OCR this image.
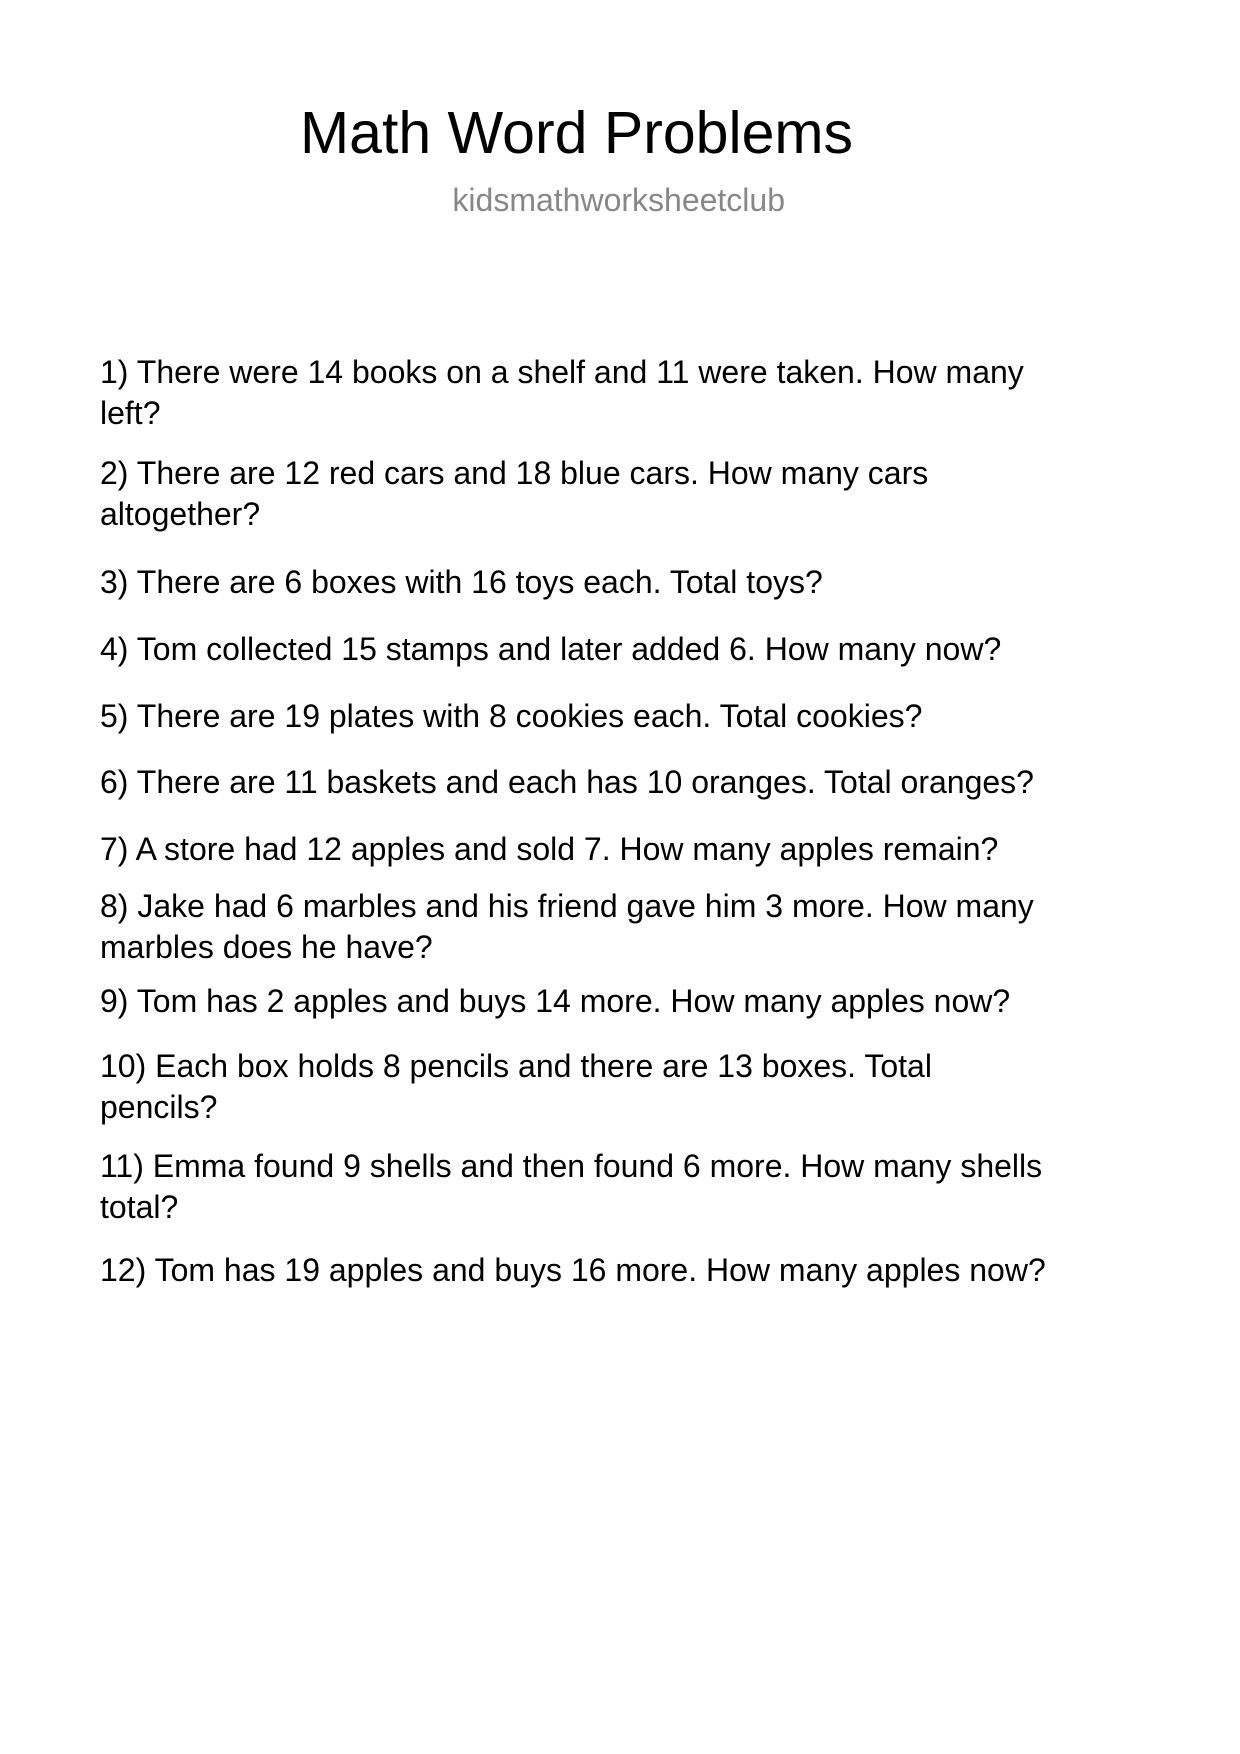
Math Word Problems
kidsmathworksheetclub
1) There were 14 books on a shelf and 11 were taken. How many
left?
2) There are 12 red cars and 18 blue cars. How many cars
altogether?
3) There are 6 boxes with 16 toys each. Total toys?
4) Tom collected 15 stamps and later added 6. How many now?
5) There are 19 plates with 8 cookies each. Total cookies?
6) There are 11 baskets and each has 10 oranges. Total oranges?
7) A store had 12 apples and sold 7. How many apples remain?
8) Jake had 6 marbles and his friend gave him 3 more. How many
marbles does he have?
9) Tom has 2 apples and buys 14 more. How many apples now?
10) Each box holds 8 pencils and there are 13 boxes. Total
pencils?
11) Emma found 9 shells and then found 6 more. How many shells
total?
12) Tom has 19 apples and buys 16 more. How many apples now?
